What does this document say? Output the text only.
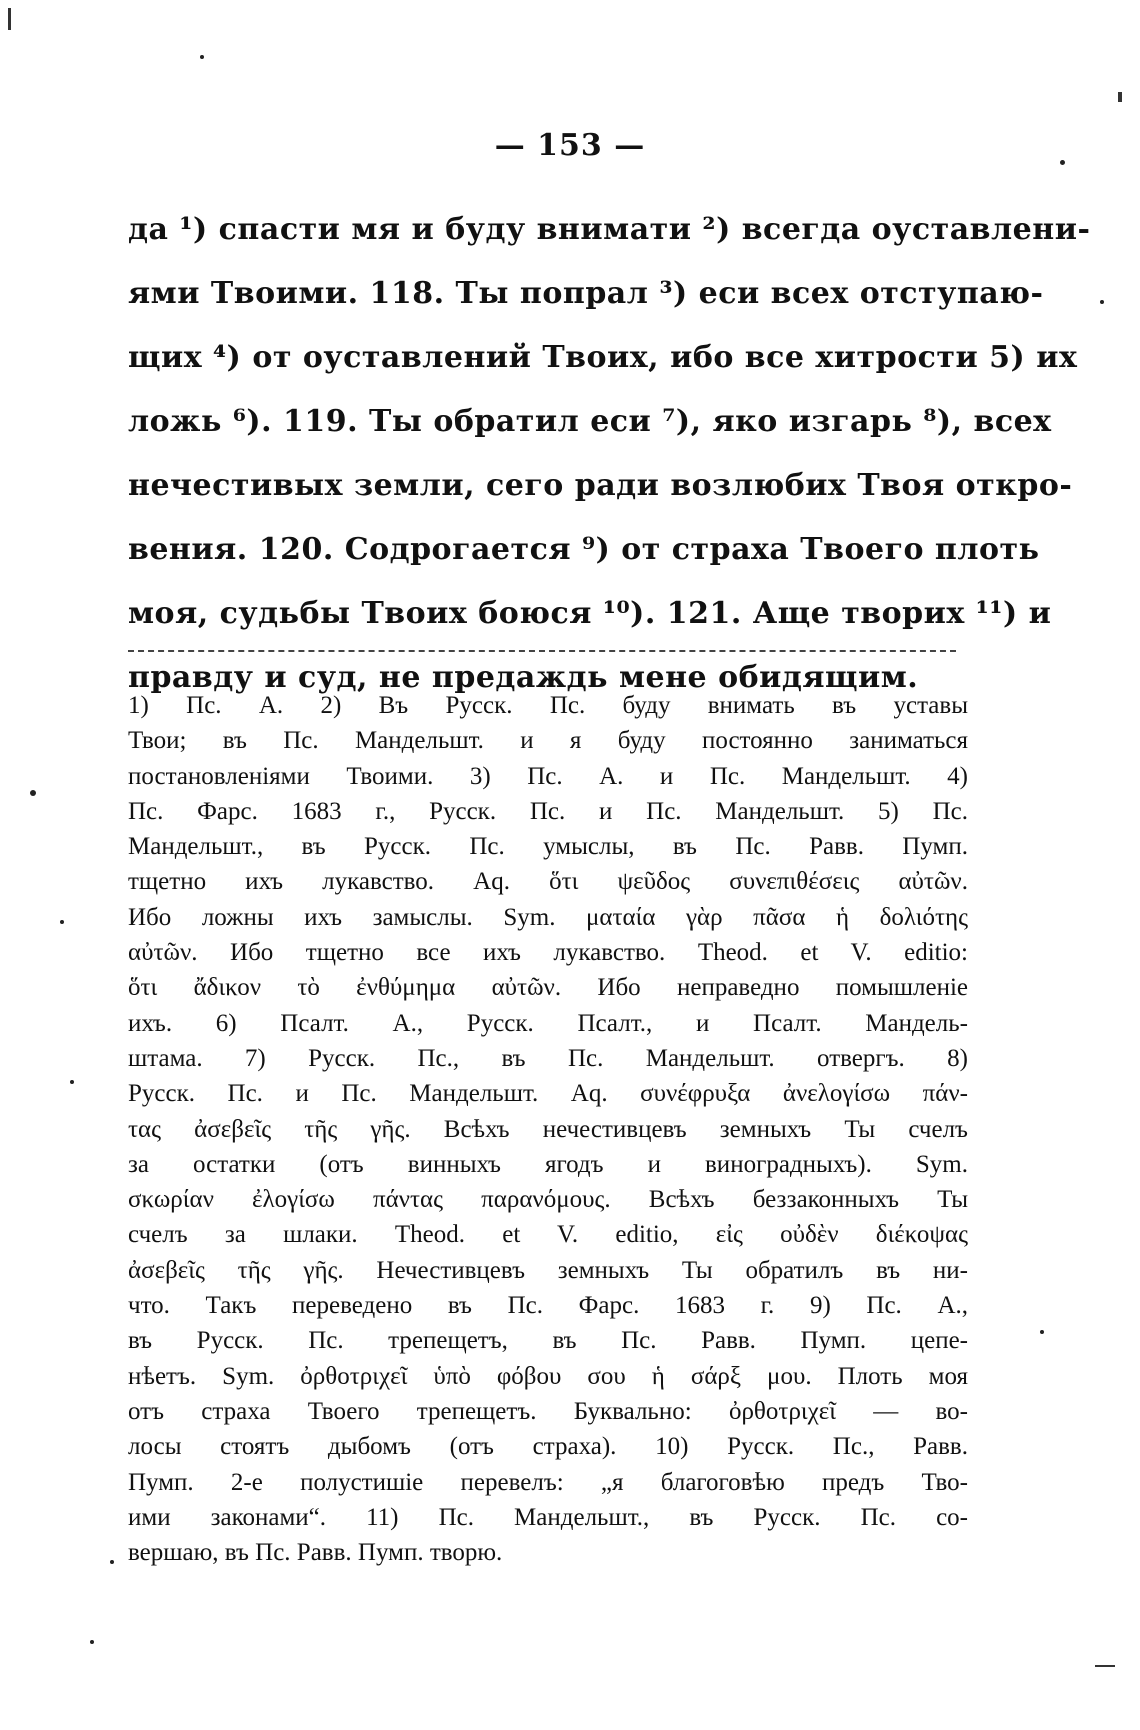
— 153 —
да ¹) спасти мя и буду внимати ²) всегда оуставлени-
ями Твоими. 118. Ты попрал ³) еси всех отступаю-
щих ⁴) от оуставлений Твоих, ибо все хитрости 5) их
ложь ⁶). 119. Ты обратил еси ⁷), яко изгарь ⁸), всех
нечестивых земли, сего ради возлюбих Твоя откро-
вения. 120. Содрогается ⁹) от страха Твоего плоть
моя, судьбы Твоих боюся ¹⁰). 121. Аще творих ¹¹) и
правду и суд, не предаждь мене обидящим.
1) Пс. А. 2) Въ Русск. Пс. буду внимать въ уставы
Твои; въ Пс. Мандельшт. и я буду постоянно заниматься
постановленіями Твоими. 3) Пс. А. и Пс. Мандельшт. 4)
Пс. Фарс. 1683 г., Русск. Пс. и Пс. Мандельшт. 5) Пс.
Мандельшт., въ Русск. Пс. умыслы, въ Пс. Равв. Пумп.
тщетно ихъ лукавство. Aq. ὅτι ψεῦδος συνεπιθέσεις αὐτῶν.
Ибо ложны ихъ замыслы. Sym. ματαία γὰρ πᾶσα ἡ δολιότης
αὐτῶν. Ибо тщетно все ихъ лукавство. Theod. et V. editio:
ὅτι ἄδικον τὸ ἐνθύμημα αὐτῶν. Ибо неправедно помышленіе
ихъ. 6) Псалт. А., Русск. Псалт., и Псалт. Мандель-
штама. 7) Русск. Пс., въ Пс. Мандельшт. отвергъ. 8)
Русск. Пс. и Пс. Мандельшт. Aq. συνέφρυξα ἀνελογίσω πάν-
τας ἀσεβεῖς τῆς γῆς. Всѣхъ нечестивцевъ земныхъ Ты счелъ
за остатки (отъ винныхъ ягодъ и виноградныхъ). Sym.
σκωρίαν ἐλογίσω πάντας παρανόμους. Всѣхъ беззаконныхъ Ты
счелъ за шлаки. Theod. et V. editio, εἰς οὐδὲν διέκοψας
ἀσεβεῖς τῆς γῆς. Нечестивцевъ земныхъ Ты обратилъ въ ни-
что. Такъ переведено въ Пс. Фарс. 1683 г. 9) Пс. А.,
въ Русск. Пс. трепещетъ, въ Пс. Равв. Пумп. цепе-
нѣетъ. Sym. ὀρθοτριχεῖ ὑπὸ φόβου σου ἡ σάρξ μου. Плоть моя
отъ страха Твоего трепещетъ. Буквально: ὀρθοτριχεῖ — во-
лосы стоятъ дыбомъ (отъ страха). 10) Русск. Пс., Равв.
Пумп. 2-е полустишіе перевелъ: „я благоговѣю предъ Тво-
ими законами“. 11) Пс. Мандельшт., въ Русск. Пс. со-
вершаю, въ Пс. Равв. Пумп. творю.
